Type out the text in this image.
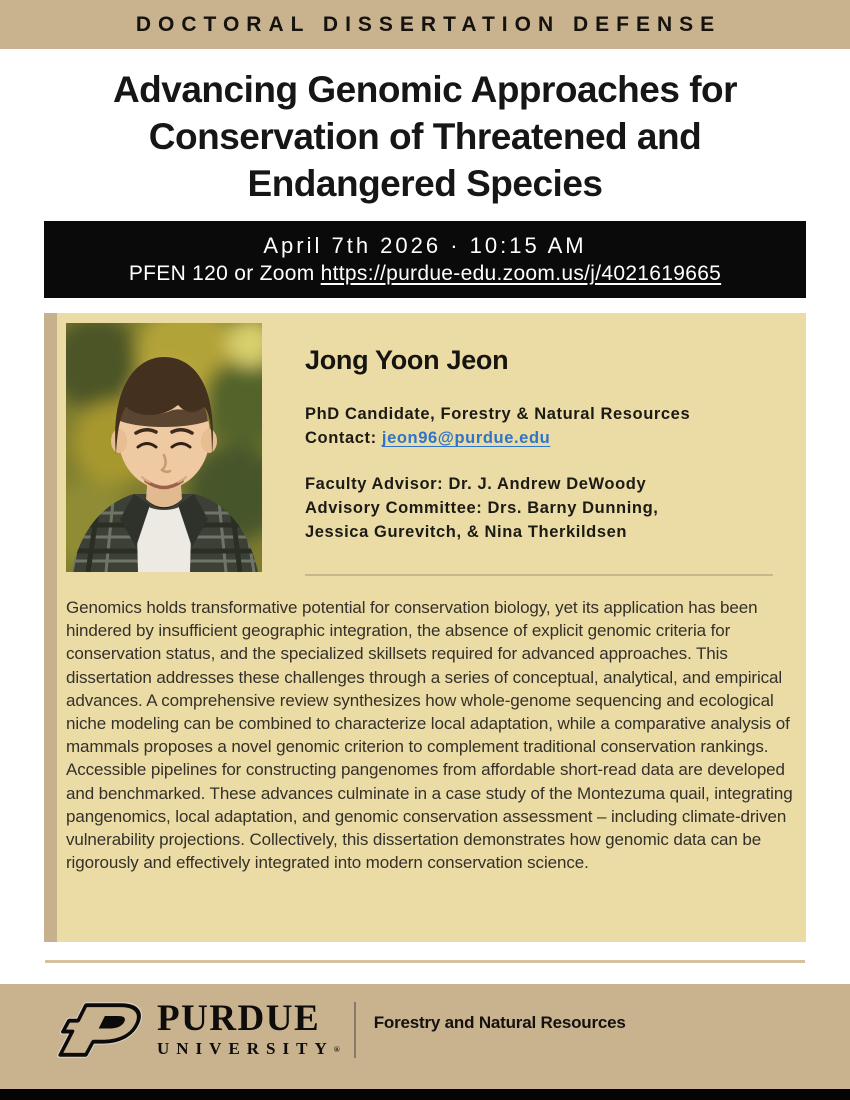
DOCTORAL DISSERTATION DEFENSE
Advancing Genomic Approaches for
Conservation of Threatened and
Endangered Species
April 7th 2026 · 10:15 AM
PFEN 120 or Zoom https://purdue-edu.zoom.us/j/4021619665
Jong Yoon Jeon

PhD Candidate, Forestry & Natural Resources

Contact: jeon96@purdue.edu

Faculty Advisor: Dr. J. Andrew DeWoody

Advisory Committee: Drs. Barny Dunning,

Jessica Gurevitch, & Nina Therkildsen

Genomics holds transformative potential for conservation biology, yet its application has been hindered by insufficient geographic integration, the absence of explicit genomic criteria for conservation status, and the specialized skillsets required for advanced approaches. This dissertation addresses these challenges through a series of conceptual, analytical, and empirical advances. A comprehensive review synthesizes how whole-genome sequencing and ecological niche modeling can be combined to characterize local adaptation, while a comparative analysis of mammals proposes a novel genomic criterion to complement traditional conservation rankings. Accessible pipelines for constructing pangenomes from affordable short-read data are developed and benchmarked. These advances culminate in a case study of the Montezuma quail, integrating pangenomics, local adaptation, and genomic conservation assessment – including climate-driven vulnerability projections. Collectively, this dissertation demonstrates how genomic data can be rigorously and effectively integrated into modern conservation science.

PURDUE
UNIVERSITY®
Forestry and Natural Resources
